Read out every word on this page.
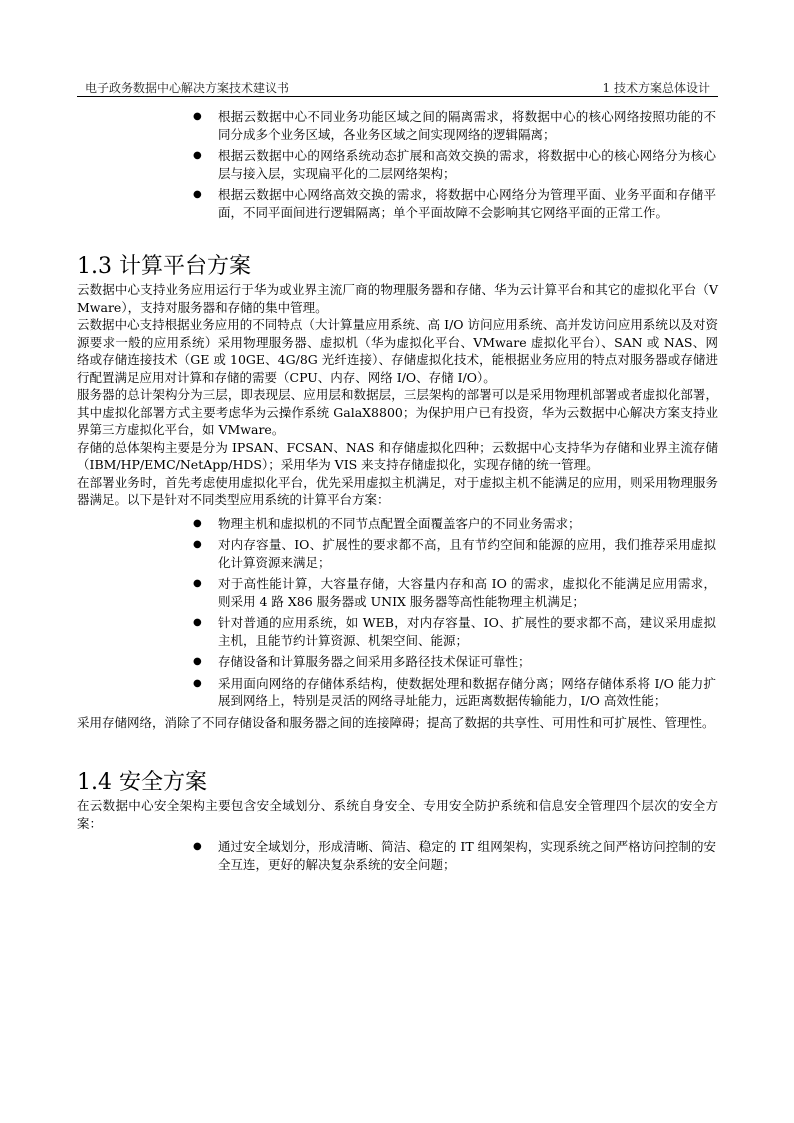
电子政务数据中心解决方案技术建议书	1 技术方案总体设计
● 根据云数据中心不同业务功能区域之间的隔离需求，将数据中心的核心网络按照功能的不同分成多个业务区域，各业务区域之间实现网络的逻辑隔离；
● 根据云数据中心的网络系统动态扩展和高效交换的需求，将数据中心的核心网络分为核心层与接入层，实现扁平化的二层网络架构；
● 根据云数据中心网络高效交换的需求，将数据中心网络分为管理平面、业务平面和存储平面，不同平面间进行逻辑隔离；单个平面故障不会影响其它网络平面的正常工作。
1.3 计算平台方案

云数据中心支持业务应用运行于华为或业界主流厂商的物理服务器和存储、华为云计算平台和其它的虚拟化平台（VMware），支持对服务器和存储的集中管理。

云数据中心支持根据业务应用的不同特点（大计算量应用系统、高 I/O 访问应用系统、高并发访问应用系统以及对资源要求一般的应用系统）采用物理服务器、虚拟机（华为虚拟化平台、VMware 虚拟化平台）、SAN 或 NAS、网络或存储连接技术（GE 或 10GE、4G/8G 光纤连接）、存储虚拟化技术，能根据业务应用的特点对服务器或存储进行配置满足应用对计算和存储的需要（CPU、内存、网络 I/O、存储 I/O）。

服务器的总计架构分为三层，即表现层、应用层和数据层，三层架构的部署可以是采用物理机部署或者虚拟化部署，其中虚拟化部署方式主要考虑华为云操作系统 GalaX8800；为保护用户已有投资，华为云数据中心解决方案支持业界第三方虚拟化平台，如 VMware。

存储的总体架构主要是分为 IPSAN、FCSAN、NAS 和存储虚拟化四种；云数据中心支持华为存储和业界主流存储（IBM/HP/EMC/NetApp/HDS）；采用华为 VIS 来支持存储虚拟化，实现存储的统一管理。

在部署业务时，首先考虑使用虚拟化平台，优先采用虚拟主机满足，对于虚拟主机不能满足的应用，则采用物理服务器满足。以下是针对不同类型应用系统的计算平台方案：

● 物理主机和虚拟机的不同节点配置全面覆盖客户的不同业务需求；
● 对内存容量、IO、扩展性的要求都不高，且有节约空间和能源的应用，我们推荐采用虚拟化计算资源来满足；
● 对于高性能计算，大容量存储，大容量内存和高 IO 的需求，虚拟化不能满足应用需求，则采用 4 路 X86 服务器或 UNIX 服务器等高性能物理主机满足；
● 针对普通的应用系统，如 WEB，对内存容量、IO、扩展性的要求都不高，建议采用虚拟主机，且能节约计算资源、机架空间、能源；
● 存储设备和计算服务器之间采用多路径技术保证可靠性；
● 采用面向网络的存储体系结构，使数据处理和数据存储分离；网络存储体系将 I/O 能力扩展到网络上，特别是灵活的网络寻址能力，远距离数据传输能力，I/O 高效性能；

采用存储网络，消除了不同存储设备和服务器之间的连接障碍；提高了数据的共享性、可用性和可扩展性、管理性。

1.4 安全方案

在云数据中心安全架构主要包含安全域划分、系统自身安全、专用安全防护系统和信息安全管理四个层次的安全方案：

● 通过安全域划分，形成清晰、简洁、稳定的 IT 组网架构，实现系统之间严格访问控制的安全互连，更好的解决复杂系统的安全问题；
